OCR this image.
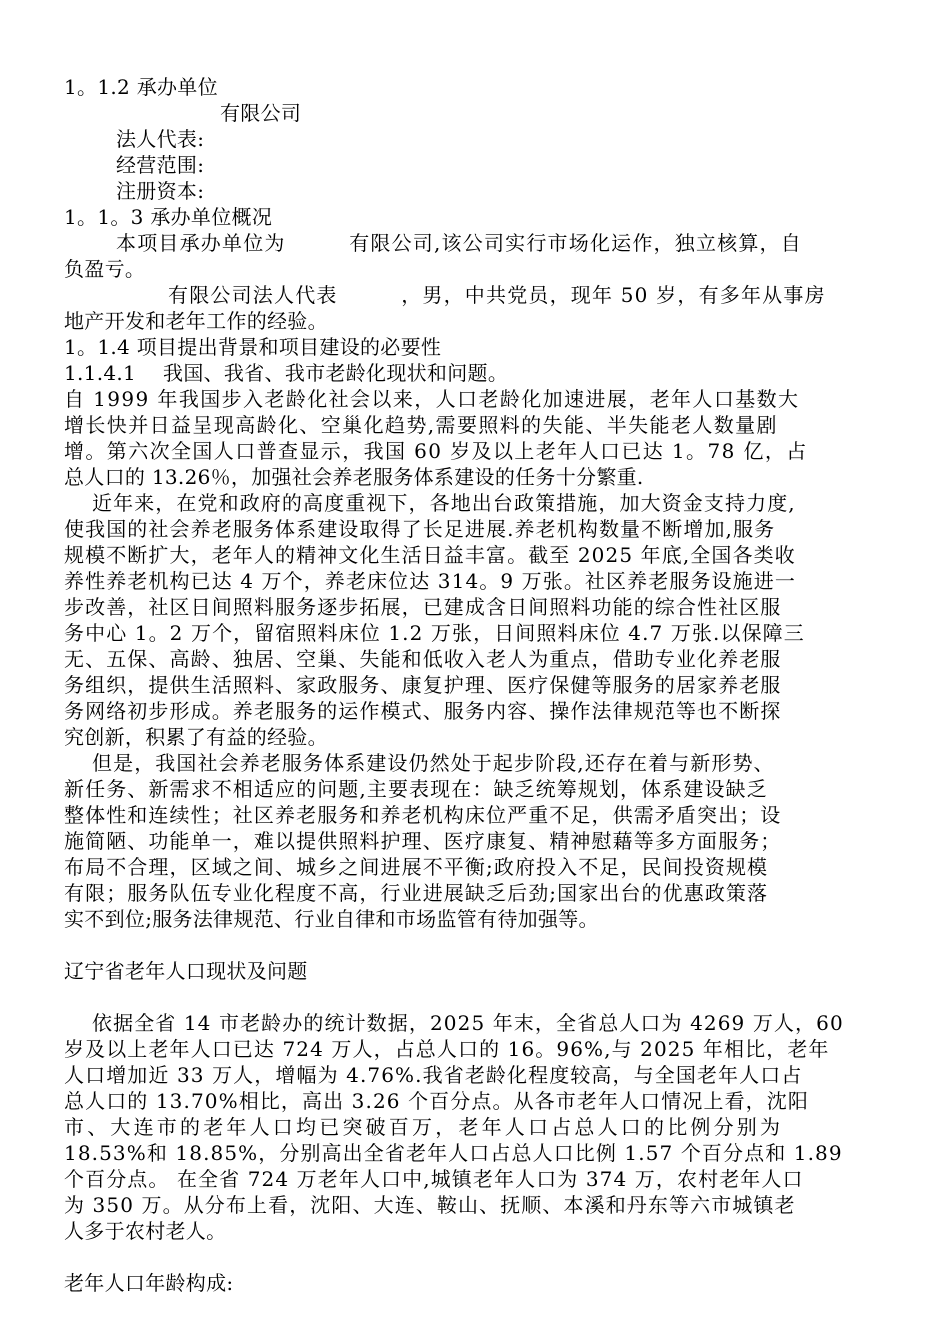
1。1.2 承办单位
有限公司
法人代表:
经营范围:
注册资本:
1。1。3 承办单位概况
本项目承办单位为　　　有限公司,该公司实行市场化运作，独立核算，自
负盈亏。
有限公司法人代表　　　，男，中共党员，现年 50 岁，有多年从事房
地产开发和老年工作的经验。
1。1.4 项目提出背景和项目建设的必要性
1.1.4.1　 我国、我省、我市老龄化现状和问题。
自 1999 年我国步入老龄化社会以来，人口老龄化加速进展，老年人口基数大
增长快并日益呈现高龄化、空巢化趋势,需要照料的失能、半失能老人数量剧
增。第六次全国人口普查显示，我国 60 岁及以上老年人口已达 1。78 亿，占
总人口的 13.26％，加强社会养老服务体系建设的任务十分繁重.
近年来，在党和政府的高度重视下，各地出台政策措施，加大资金支持力度,
使我国的社会养老服务体系建设取得了长足进展.养老机构数量不断增加,服务
规模不断扩大，老年人的精神文化生活日益丰富。截至 2025 年底,全国各类收
养性养老机构已达 4 万个，养老床位达 314。9 万张。社区养老服务设施进一
步改善，社区日间照料服务逐步拓展，已建成含日间照料功能的综合性社区服
务中心 1。2 万个，留宿照料床位 1.2 万张，日间照料床位 4.7 万张.以保障三
无、五保、高龄、独居、空巢、失能和低收入老人为重点，借助专业化养老服
务组织，提供生活照料、家政服务、康复护理、医疗保健等服务的居家养老服
务网络初步形成。养老服务的运作模式、服务内容、操作法律规范等也不断探
究创新，积累了有益的经验。
但是，我国社会养老服务体系建设仍然处于起步阶段,还存在着与新形势、
新任务、新需求不相适应的问题,主要表现在：缺乏统筹规划，体系建设缺乏
整体性和连续性；社区养老服务和养老机构床位严重不足，供需矛盾突出；设
施简陋、功能单一，难以提供照料护理、医疗康复、精神慰藉等多方面服务；
布局不合理，区域之间、城乡之间进展不平衡;政府投入不足，民间投资规模
有限；服务队伍专业化程度不高，行业进展缺乏后劲;国家出台的优惠政策落
实不到位;服务法律规范、行业自律和市场监管有待加强等。
辽宁省老年人口现状及问题
依据全省 14 市老龄办的统计数据，2025 年末，全省总人口为 4269 万人，60
岁及以上老年人口已达 724 万人，占总人口的 16。96%,与 2025 年相比，老年
人口增加近 33 万人，增幅为 4.76%.我省老龄化程度较高，与全国老年人口占
总人口的 13.70%相比，高出 3.26 个百分点。从各市老年人口情况上看，沈阳
市、大连市的老年人口均已突破百万，老年人口占总人口的比例分别为
18.53%和 18.85%，分别高出全省老年人口占总人口比例 1.57 个百分点和 1.89
个百分点。 在全省 724 万老年人口中,城镇老年人口为 374 万，农村老年人口
为 350 万。从分布上看，沈阳、大连、鞍山、抚顺、本溪和丹东等六市城镇老
人多于农村老人。
老年人口年龄构成:
